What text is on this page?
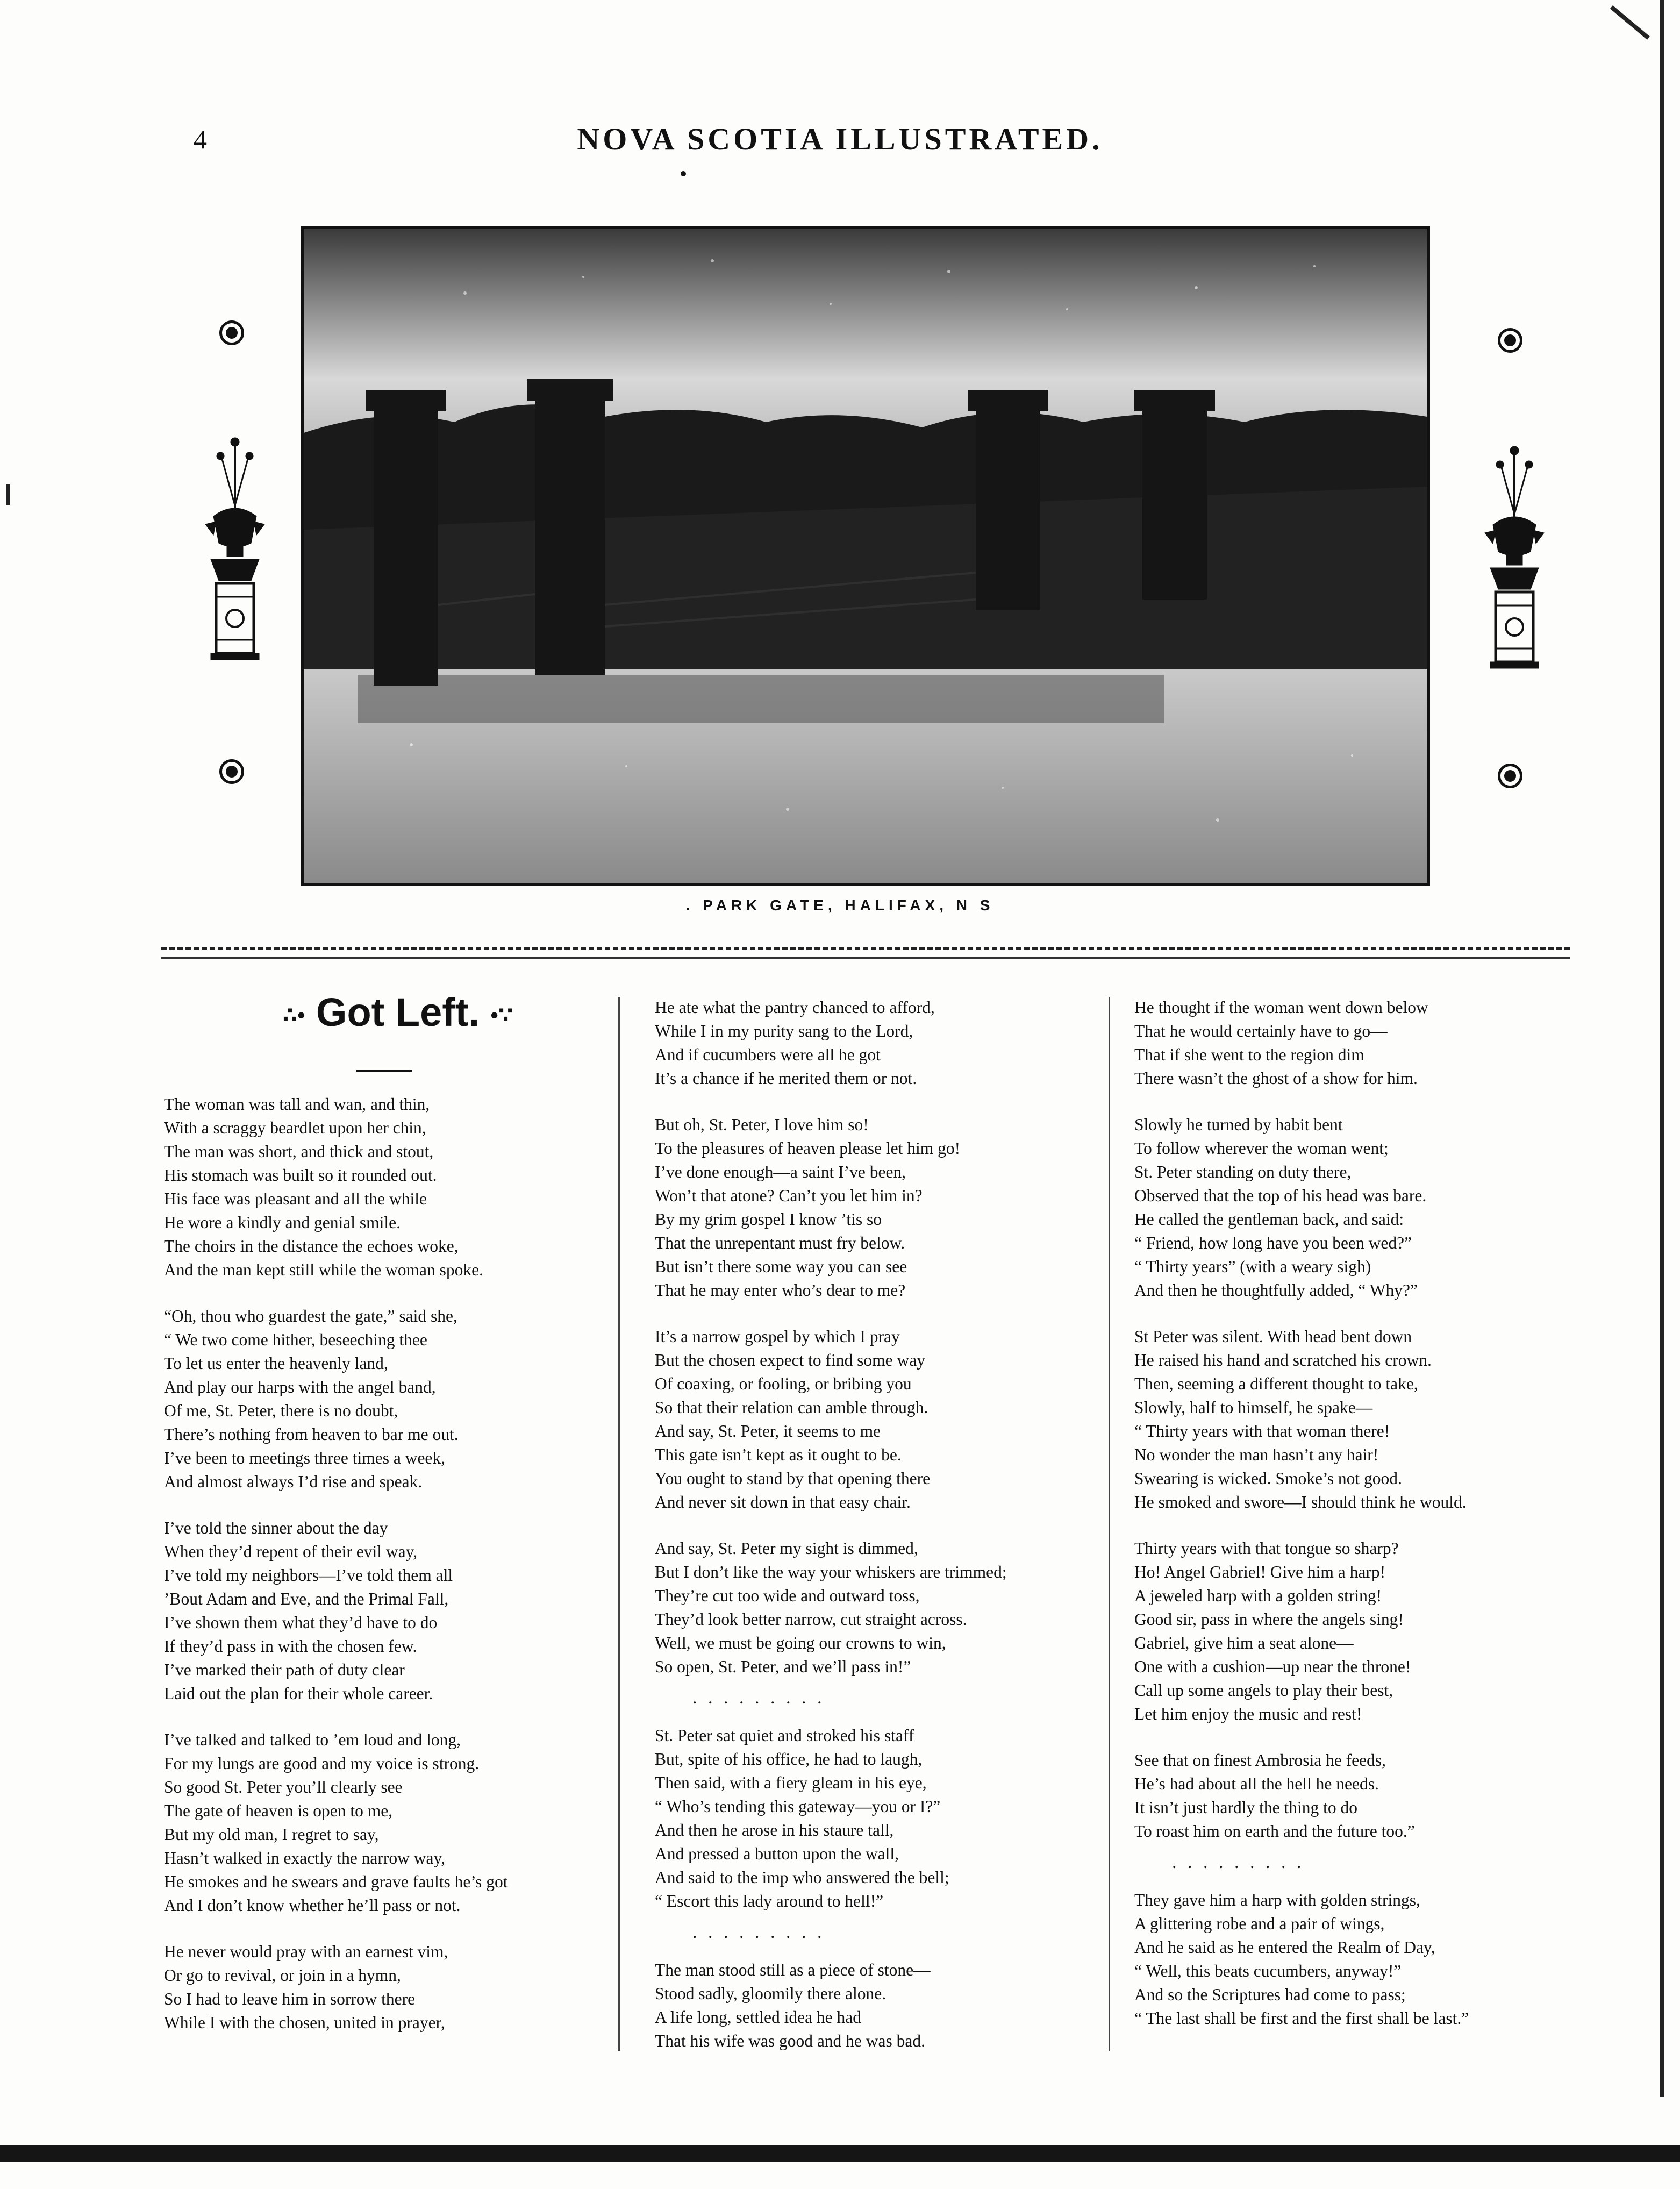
4	NOVA SCOTIA ILLUSTRATED.
. PARK GATE, HALIFAX, N S
∴• Got Left. •∵
The woman was tall and wan, and thin,
With a scraggy beardlet upon her chin,
The man was short, and thick and stout,
His stomach was built so it rounded out.
His face was pleasant and all the while
He wore a kindly and genial smile.
The choirs in the distance the echoes woke,
And the man kept still while the woman spoke.
“Oh, thou who guardest the gate,” said she,
“ We two come hither, beseeching thee
To let us enter the heavenly land,
And play our harps with the angel band,
Of me, St. Peter, there is no doubt,
There’s nothing from heaven to bar me out.
I’ve been to meetings three times a week,
And almost always I’d rise and speak.
I’ve told the sinner about the day
When they’d repent of their evil way,
I’ve told my neighbors—I’ve told them all
’Bout Adam and Eve, and the Primal Fall,
I’ve shown them what they’d have to do
If they’d pass in with the chosen few.
I’ve marked their path of duty clear
Laid out the plan for their whole career.
I’ve talked and talked to ’em loud and long,
For my lungs are good and my voice is strong.
So good St. Peter you’ll clearly see
The gate of heaven is open to me,
But my old man, I regret to say,
Hasn’t walked in exactly the narrow way,
He smokes and he swears and grave faults he’s got
And I don’t know whether he’ll pass or not.
He never would pray with an earnest vim,
Or go to revival, or join in a hymn,
So I had to leave him in sorrow there
While I with the chosen, united in prayer,
He ate what the pantry chanced to afford,
While I in my purity sang to the Lord,
And if cucumbers were all he got
It’s a chance if he merited them or not.
But oh, St. Peter, I love him so!
To the pleasures of heaven please let him go!
I’ve done enough—a saint I’ve been,
Won’t that atone? Can’t you let him in?
By my grim gospel I know ’tis so
That the unrepentant must fry below.
But isn’t there some way you can see
That he may enter who’s dear to me?
It’s a narrow gospel by which I pray
But the chosen expect to find some way
Of coaxing, or fooling, or bribing you
So that their relation can amble through.
And say, St. Peter, it seems to me
This gate isn’t kept as it ought to be.
You ought to stand by that opening there
And never sit down in that easy chair.
And say, St. Peter my sight is dimmed,
But I don’t like the way your whiskers are trimmed;
They’re cut too wide and outward toss,
They’d look better narrow, cut straight across.
Well, we must be going our crowns to win,
So open, St. Peter, and we’ll pass in!”
. . . . . . . . .
St. Peter sat quiet and stroked his staff
But, spite of his office, he had to laugh,
Then said, with a fiery gleam in his eye,
“ Who’s tending this gateway—you or I?”
And then he arose in his staure tall,
And pressed a button upon the wall,
And said to the imp who answered the bell;
“ Escort this lady around to hell!”
. . . . . . . . .
The man stood still as a piece of stone—
Stood sadly, gloomily there alone.
A life long, settled idea he had
That his wife was good and he was bad.
He thought if the woman went down below
That he would certainly have to go—
That if she went to the region dim
There wasn’t the ghost of a show for him.
Slowly he turned by habit bent
To follow wherever the woman went;
St. Peter standing on duty there,
Observed that the top of his head was bare.
He called the gentleman back, and said:
“ Friend, how long have you been wed?”
“ Thirty years” (with a weary sigh)
And then he thoughtfully added, “ Why?”
St Peter was silent. With head bent down
He raised his hand and scratched his crown.
Then, seeming a different thought to take,
Slowly, half to himself, he spake—
“ Thirty years with that woman there!
No wonder the man hasn’t any hair!
Swearing is wicked. Smoke’s not good.
He smoked and swore—I should think he would.
Thirty years with that tongue so sharp?
Ho! Angel Gabriel! Give him a harp!
A jeweled harp with a golden string!
Good sir, pass in where the angels sing!
Gabriel, give him a seat alone—
One with a cushion—up near the throne!
Call up some angels to play their best,
Let him enjoy the music and rest!
See that on finest Ambrosia he feeds,
He’s had about all the hell he needs.
It isn’t just hardly the thing to do
To roast him on earth and the future too.”
. . . . . . . . .
They gave him a harp with golden strings,
A glittering robe and a pair of wings,
And he said as he entered the Realm of Day,
“ Well, this beats cucumbers, anyway!”
And so the Scriptures had come to pass;
“ The last shall be first and the first shall be last.”
